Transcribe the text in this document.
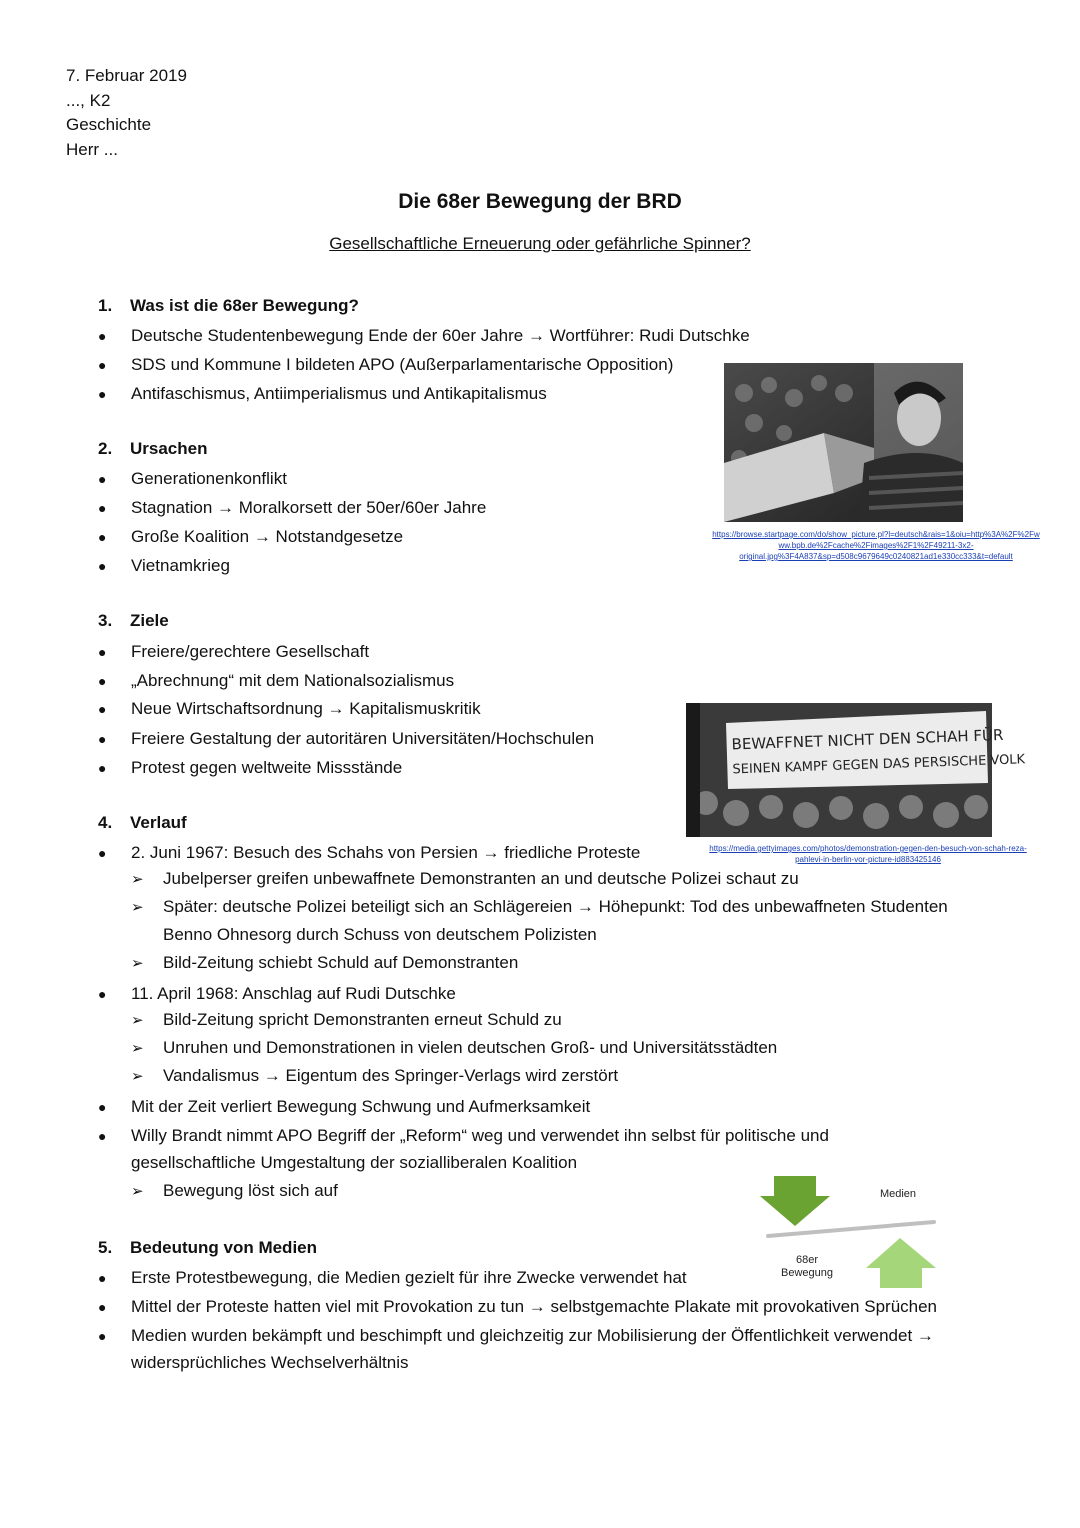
7. Februar 2019
..., K2
Geschichte
Herr ...
Die 68er Bewegung der BRD
Gesellschaftliche Erneuerung oder gefährliche Spinner?
1. Was ist die 68er Bewegung?
● Deutsche Studentenbewegung Ende der 60er Jahre → Wortführer: Rudi Dutschke
● SDS und Kommune I bildeten APO (Außerparlamentarische Opposition)
● Antifaschismus, Antiimperialismus und Antikapitalismus
https://browse.startpage.com/do/show_picture.pl?l=deutsch&rais=1&oiu=http%3A%2F%2Fw
ww.bpb.de%2Fcache%2Fimages%2F1%2F49211-3x2-
original.jpg%3F4A837&sp=d508c9679649c0240821ad1e330cc333&t=default
2. Ursachen
● Generationenkonflikt
● Stagnation → Moralkorsett der 50er/60er Jahre
● Große Koalition → Notstandgesetze
● Vietnamkrieg
3. Ziele
● Freiere/gerechtere Gesellschaft
● „Abrechnung“ mit dem Nationalsozialismus
● Neue Wirtschaftsordnung → Kapitalismuskritik
● Freiere Gestaltung der autoritären Universitäten/Hochschulen
● Protest gegen weltweite Missstände
BEWAFFNET NICHT DEN SCHAH FÜR
SEINEN KAMPF GEGEN DAS PERSISCHE VOLK
https://media.gettyimages.com/photos/demonstration-gegen-den-besuch-von-schah-reza-
pahlevi-in-berlin-vor-picture-id883425146
4. Verlauf
● 2. Juni 1967: Besuch des Schahs von Persien → friedliche Proteste
➢ Jubelperser greifen unbewaffnete Demonstranten an und deutsche Polizei schaut zu
➢ Später: deutsche Polizei beteiligt sich an Schlägereien → Höhepunkt: Tod des unbewaffneten Studenten
Benno Ohnesorg durch Schuss von deutschem Polizisten
➢ Bild-Zeitung schiebt Schuld auf Demonstranten
● 11. April 1968: Anschlag auf Rudi Dutschke
➢ Bild-Zeitung spricht Demonstranten erneut Schuld zu
➢ Unruhen und Demonstrationen in vielen deutschen Groß- und Universitätsstädten
➢ Vandalismus → Eigentum des Springer-Verlags wird zerstört
● Mit der Zeit verliert Bewegung Schwung und Aufmerksamkeit
● Willy Brandt nimmt APO Begriff der „Reform“ weg und verwendet ihn selbst für politische und
gesellschaftliche Umgestaltung der sozialliberalen Koalition
➢ Bewegung löst sich auf	Medien
68er
Bewegung
5. Bedeutung von Medien
● Erste Protestbewegung, die Medien gezielt für ihre Zwecke verwendet hat
● Mittel der Proteste hatten viel mit Provokation zu tun → selbstgemachte Plakate mit provokativen Sprüchen
● Medien wurden bekämpft und beschimpft und gleichzeitig zur Mobilisierung der Öffentlichkeit verwendet →
widersprüchliches Wechselverhältnis
